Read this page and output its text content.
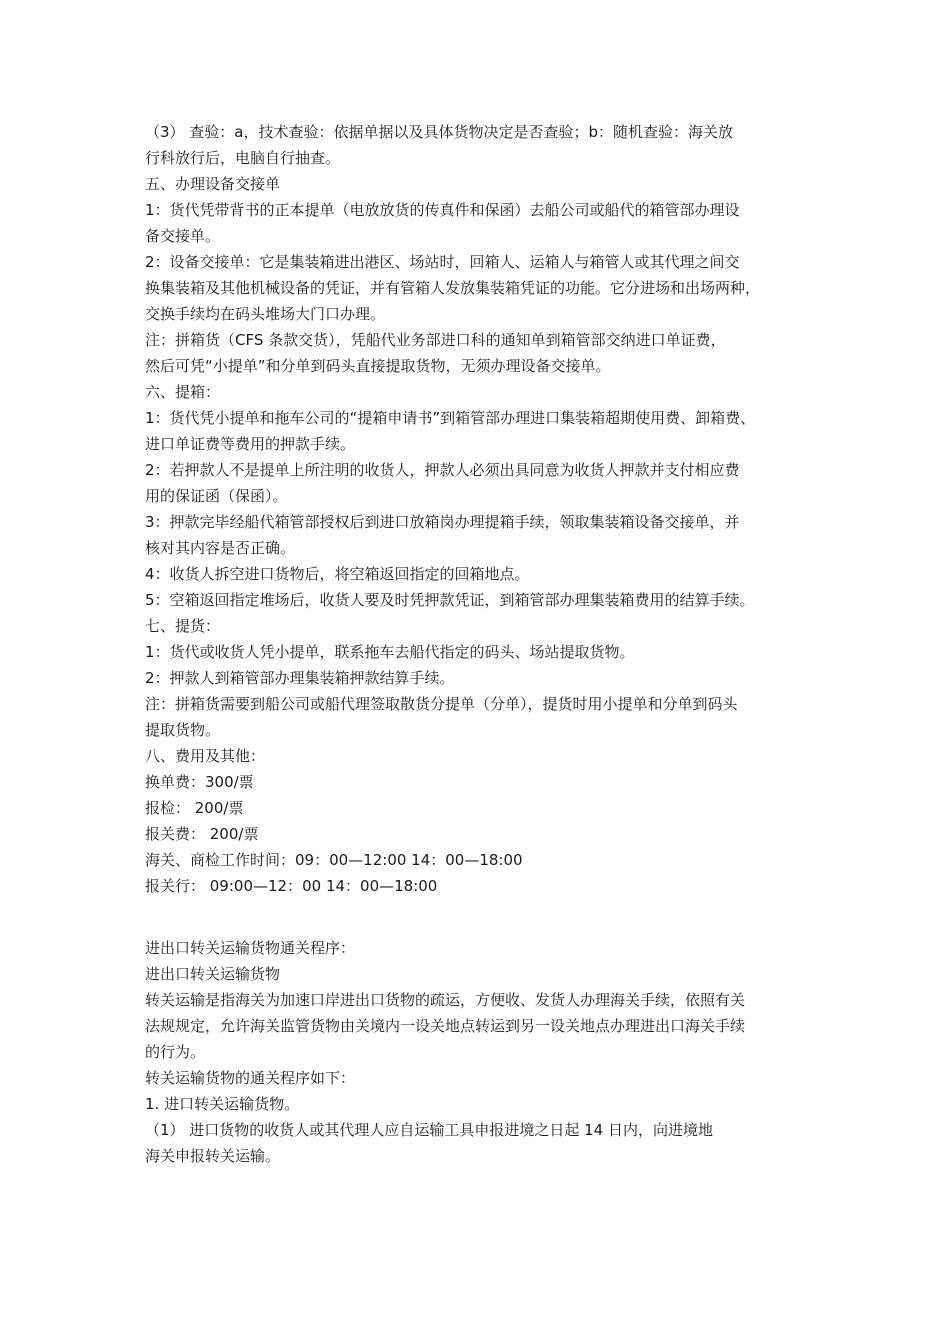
（3） 查验：a，技术查验：依据单据以及具体货物决定是否查验；b：随机查验：海关放
行科放行后，电脑自行抽查。
五、办理设备交接单
1：货代凭带背书的正本提单（电放放货的传真件和保函）去船公司或船代的箱管部办理设
备交接单。
2：设备交接单：它是集装箱进出港区、场站时，回箱人、运箱人与箱管人或其代理之间交
换集装箱及其他机械设备的凭证，并有管箱人发放集装箱凭证的功能。它分进场和出场两种，
交换手续均在码头堆场大门口办理。
注：拼箱货（CFS 条款交货），凭船代业务部进口科的通知单到箱管部交纳进口单证费，
然后可凭“小提单”和分单到码头直接提取货物，无须办理设备交接单。
六、提箱：
1：货代凭小提单和拖车公司的“提箱申请书”到箱管部办理进口集装箱超期使用费、卸箱费、
进口单证费等费用的押款手续。
2：若押款人不是提单上所注明的收货人，押款人必须出具同意为收货人押款并支付相应费
用的保证函（保函）。
3：押款完毕经船代箱管部授权后到进口放箱岗办理提箱手续，领取集装箱设备交接单，并
核对其内容是否正确。
4：收货人拆空进口货物后，将空箱返回指定的回箱地点。
5：空箱返回指定堆场后，收货人要及时凭押款凭证，到箱管部办理集装箱费用的结算手续。
七、提货：
1：货代或收货人凭小提单，联系拖车去船代指定的码头、场站提取货物。
2：押款人到箱管部办理集装箱押款结算手续。
注：拼箱货需要到船公司或船代理签取散货分提单（分单），提货时用小提单和分单到码头
提取货物。
八、费用及其他：
换单费：300/票
报检： 200/票
报关费： 200/票
海关、商检工作时间：09：00—12:00 14：00—18:00
报关行： 09:00—12：00 14：00—18:00
进出口转关运输货物通关程序：
进出口转关运输货物
转关运输是指海关为加速口岸进出口货物的疏运，方便收、发货人办理海关手续，依照有关
法规规定，允许海关监管货物由关境内一设关地点转运到另一设关地点办理进出口海关手续
的行为。
转关运输货物的通关程序如下：
1. 进口转关运输货物。
（1） 进口货物的收货人或其代理人应自运输工具申报进境之日起 14 日内，向进境地
海关申报转关运输。
